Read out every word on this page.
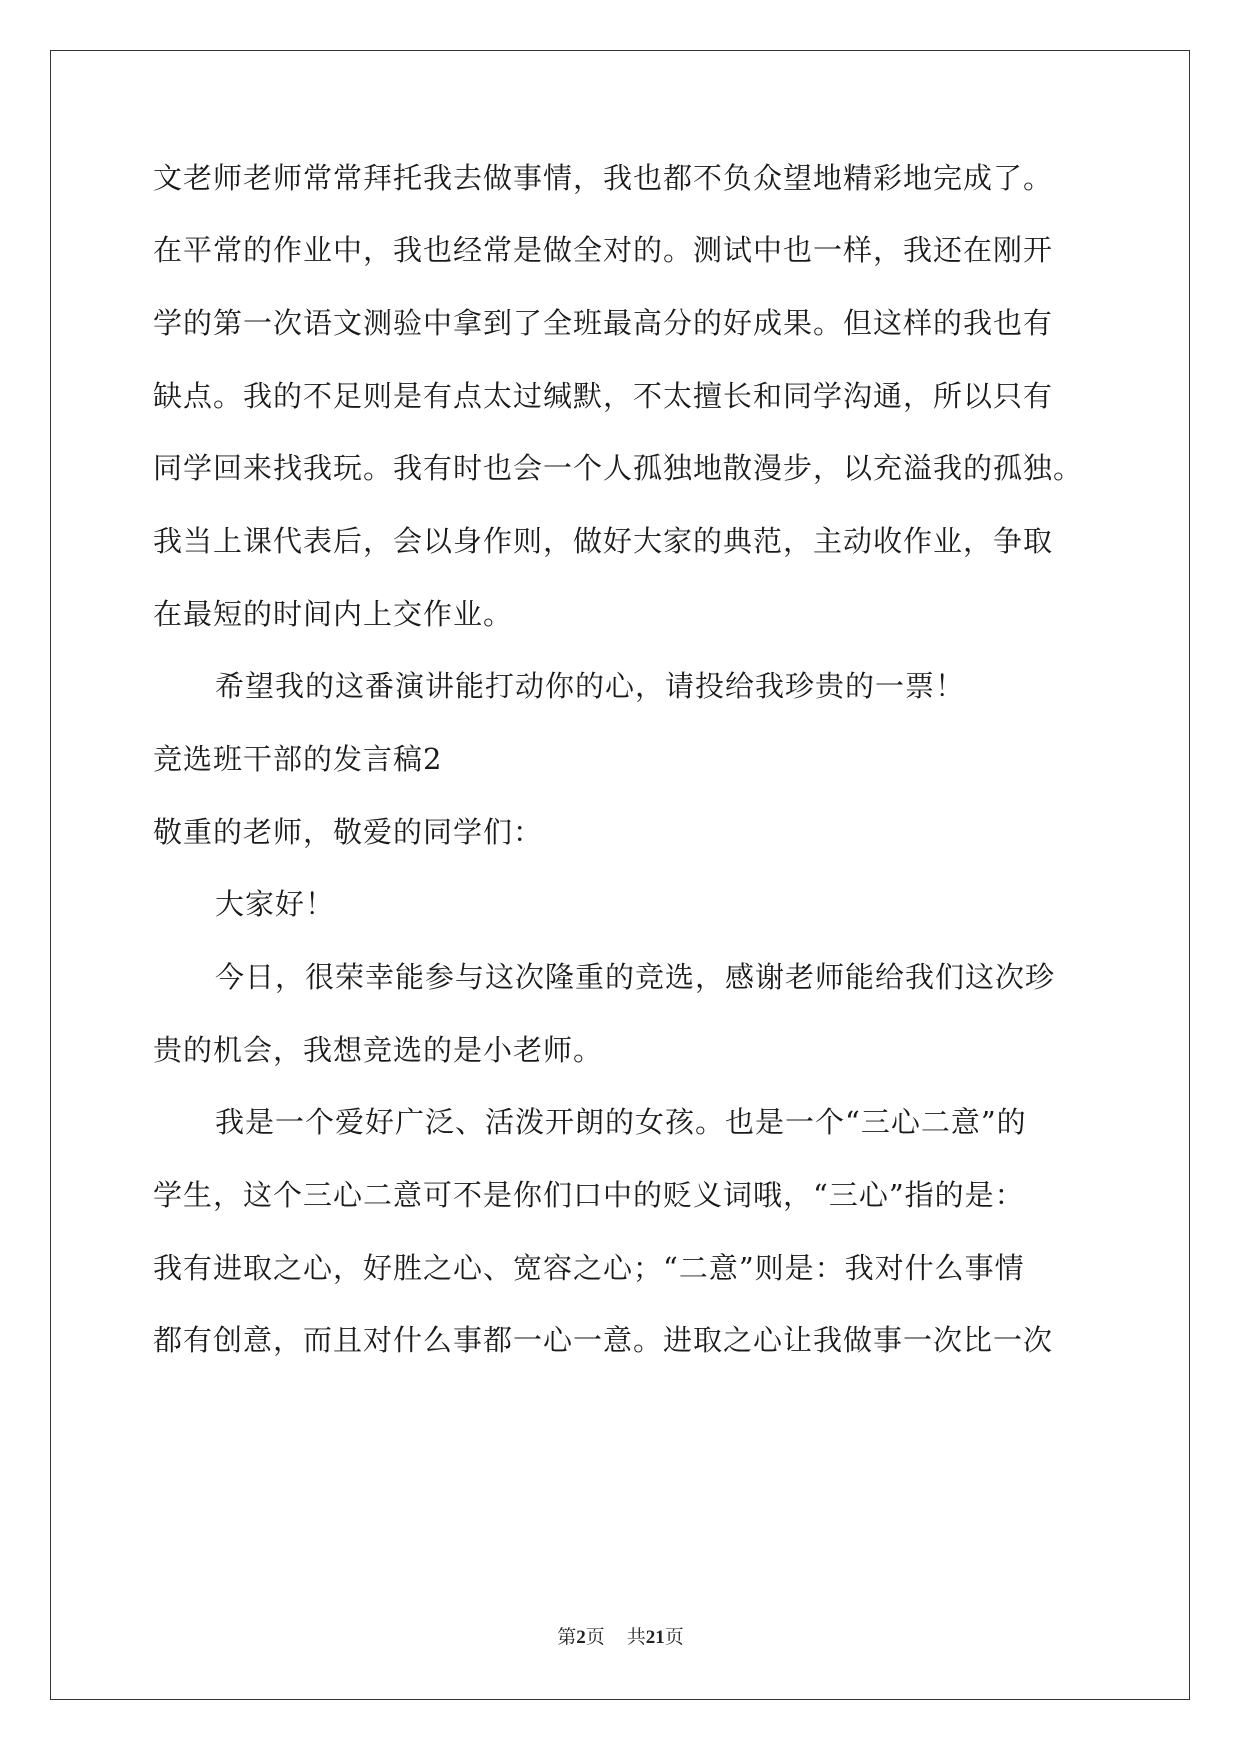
文老师老师常常拜托我去做事情，我也都不负众望地精彩地完成了。
在平常的作业中，我也经常是做全对的。测试中也一样，我还在刚开
学的第一次语文测验中拿到了全班最高分的好成果。但这样的我也有
缺点。我的不足则是有点太过缄默，不太擅长和同学沟通，所以只有
同学回来找我玩。我有时也会一个人孤独地散漫步，以充溢我的孤独。
我当上课代表后，会以身作则，做好大家的典范，主动收作业，争取
在最短的时间内上交作业。
希望我的这番演讲能打动你的心，请投给我珍贵的一票！
竞选班干部的发言稿2
敬重的老师，敬爱的同学们：
大家好！
今日，很荣幸能参与这次隆重的竞选，感谢老师能给我们这次珍
贵的机会，我想竞选的是小老师。
我是一个爱好广泛、活泼开朗的女孩。也是一个“三心二意”的
学生，这个三心二意可不是你们口中的贬义词哦，“三心”指的是：
我有进取之心，好胜之心、宽容之心；“二意”则是：我对什么事情
都有创意，而且对什么事都一心一意。进取之心让我做事一次比一次
第2页 共21页
